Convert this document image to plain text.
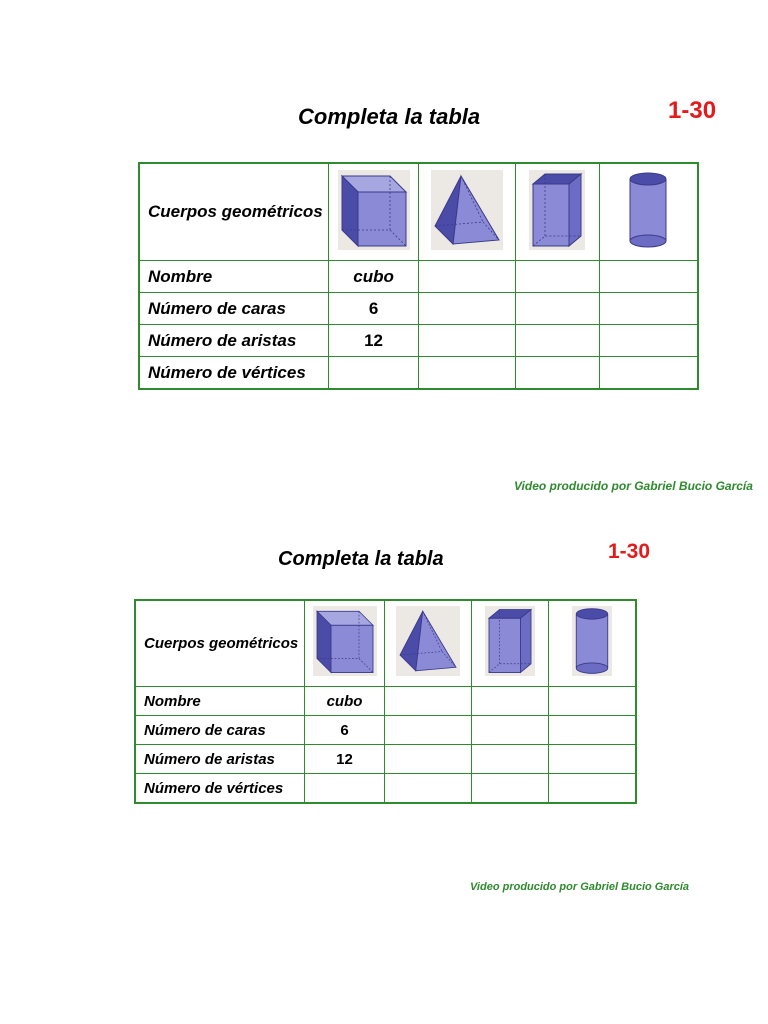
Completa la tabla	1-30
Cuerpos geométricos	

Nombre	cubo			
Número de caras	6			
Número de aristas	12			
Número de vértices				
Video producido por Gabriel Bucio García
Completa la tabla	1-30
Cuerpos geométricos	

Nombre	cubo			
Número de caras	6			
Número de aristas	12			
Número de vértices				
Video producido por Gabriel Bucio García
